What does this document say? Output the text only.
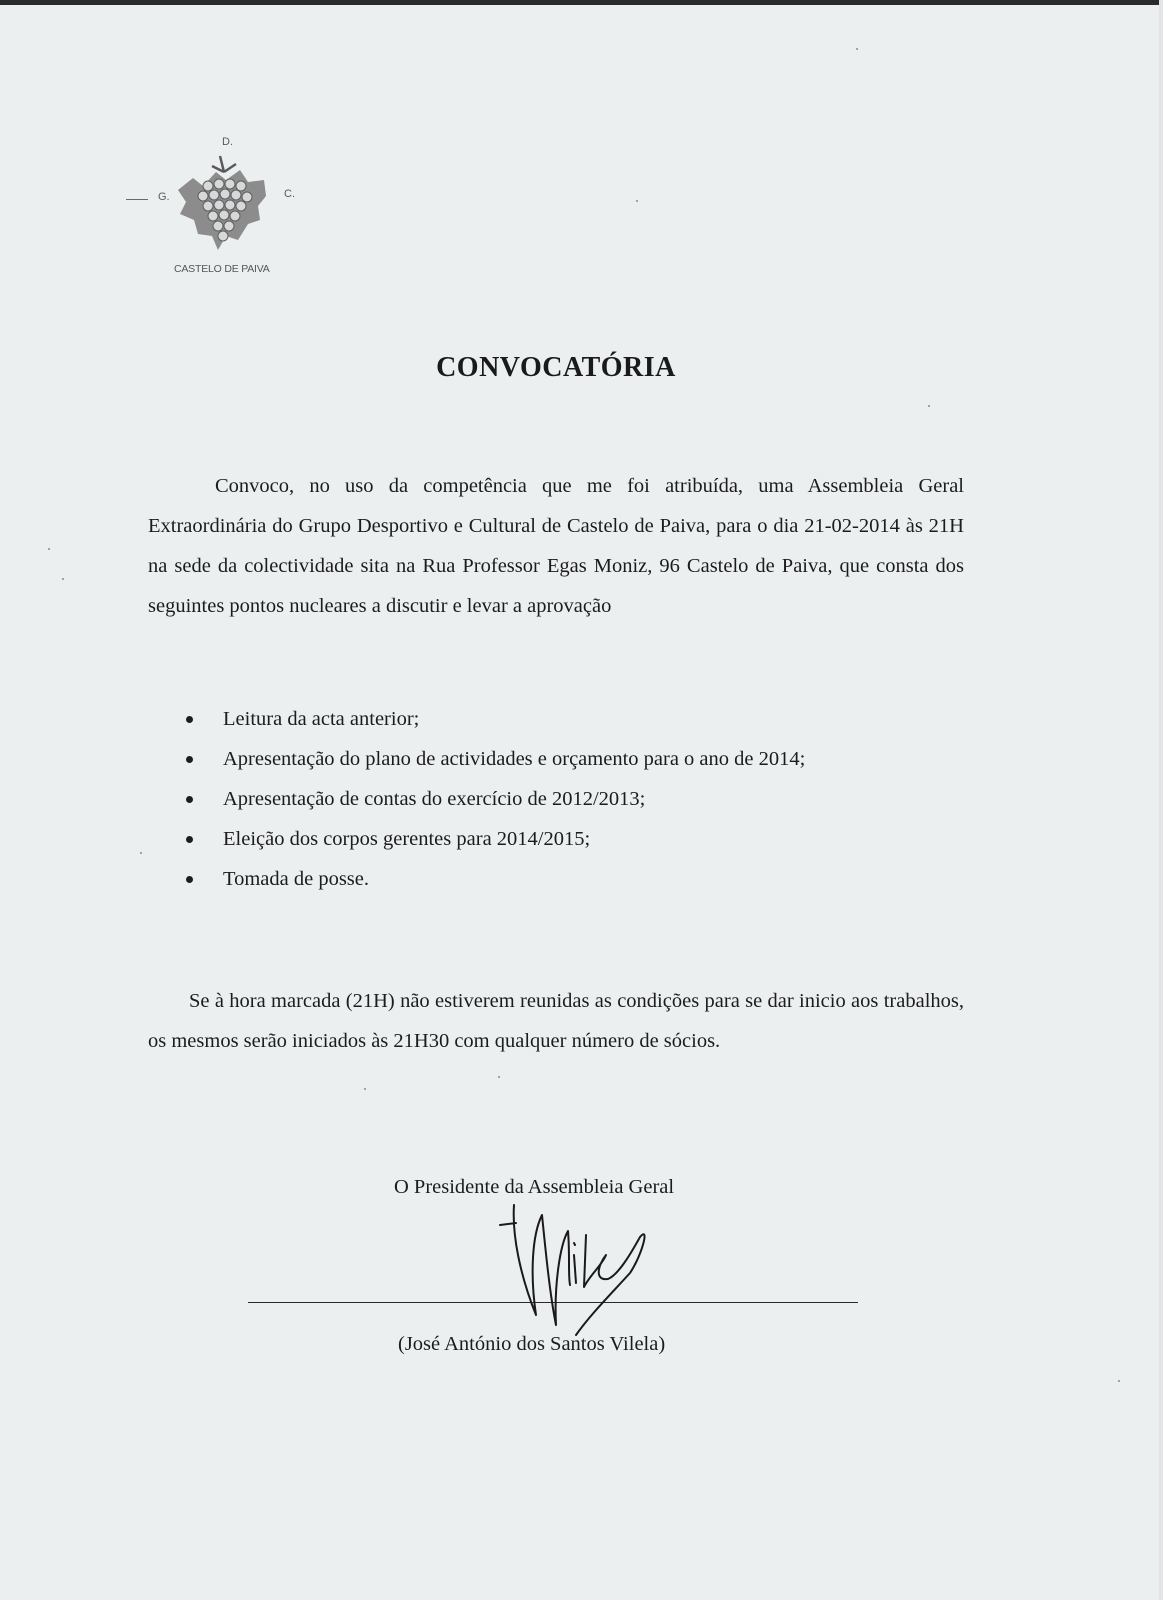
D.
G.	C.
CASTELO DE PAIVA
CONVOCATÓRIA

Convoco, no uso da competência que me foi atribuída, uma Assembleia Geral Extraordinária do Grupo Desportivo e Cultural de Castelo de Paiva, para o dia 21-02-2014 às 21H na sede da colectividade sita na Rua Professor Egas Moniz, 96 Castelo de Paiva, que consta dos seguintes pontos nucleares a discutir e levar a aprovação

Leitura da acta anterior;
Apresentação do plano de actividades e orçamento para o ano de 2014;
Apresentação de contas do exercício de 2012/2013;
Eleição dos corpos gerentes para 2014/2015;
Tomada de posse.

Se à hora marcada (21H) não estiverem reunidas as condições para se dar inicio aos trabalhos, os mesmos serão iniciados às 21H30 com qualquer número de sócios.

O Presidente da Assembleia Geral
(José António dos Santos Vilela)
